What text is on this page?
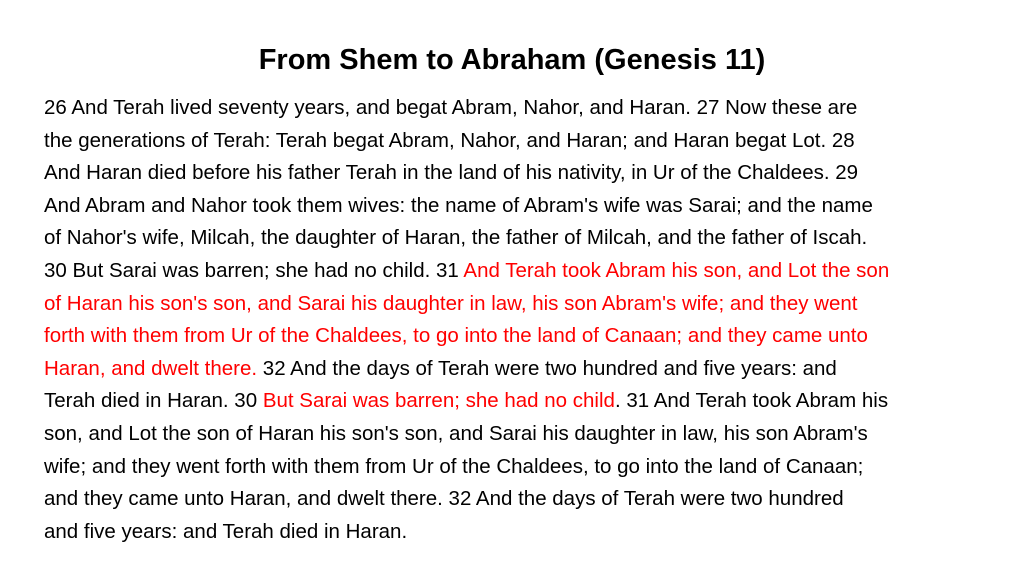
From Shem to Abraham (Genesis 11)
26 And Terah lived seventy years, and begat Abram, Nahor, and Haran. 27 Now these are
the generations of Terah: Terah begat Abram, Nahor, and Haran; and Haran begat Lot. 28
And Haran died before his father Terah in the land of his nativity, in Ur of the Chaldees. 29
And Abram and Nahor took them wives: the name of Abram's wife was Sarai; and the name
of Nahor's wife, Milcah, the daughter of Haran, the father of Milcah, and the father of Iscah.
30 But Sarai was barren; she had no child. 31 And Terah took Abram his son, and Lot the son
of Haran his son's son, and Sarai his daughter in law, his son Abram's wife; and they went
forth with them from Ur of the Chaldees, to go into the land of Canaan; and they came unto
Haran, and dwelt there. 32 And the days of Terah were two hundred and five years: and
Terah died in Haran. 30 But Sarai was barren; she had no child. 31 And Terah took Abram his
son, and Lot the son of Haran his son's son, and Sarai his daughter in law, his son Abram's
wife; and they went forth with them from Ur of the Chaldees, to go into the land of Canaan;
and they came unto Haran, and dwelt there. 32 And the days of Terah were two hundred
and five years: and Terah died in Haran.
